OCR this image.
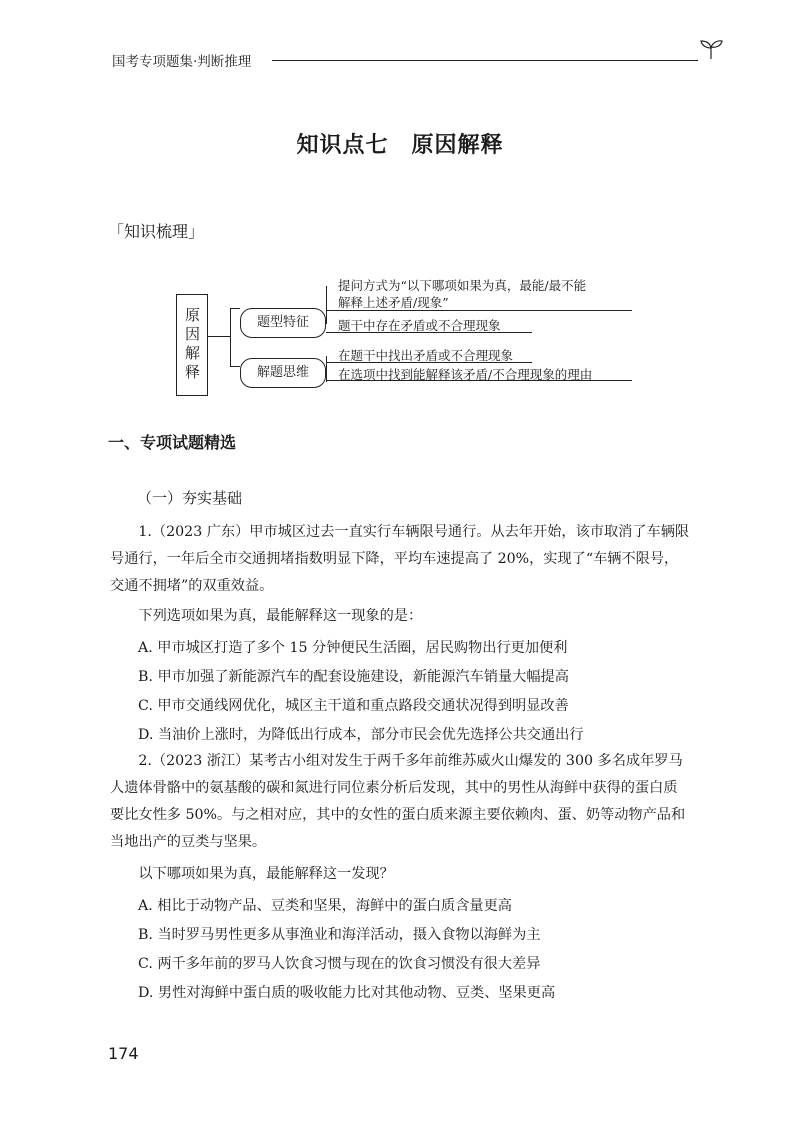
国考专项题集·判断推理
知识点七　原因解释
「知识梳理」
原因解释	题型特征
解题思维
提问方式为“以下哪项如果为真，最能/最不能
解释上述矛盾/现象”
题干中存在矛盾或不合理现象
在题干中找出矛盾或不合理现象
在选项中找到能解释该矛盾/不合理现象的理由
一、专项试题精选
（一）夯实基础
1.（2023 广东）甲市城区过去一直实行车辆限号通行。从去年开始，该市取消了车辆限号通行，一年后全市交通拥堵指数明显下降，平均车速提高了 20%，实现了“车辆不限号，交通不拥堵”的双重效益。
下列选项如果为真，最能解释这一现象的是：
A. 甲市城区打造了多个 15 分钟便民生活圈，居民购物出行更加便利
B. 甲市加强了新能源汽车的配套设施建设，新能源汽车销量大幅提高
C. 甲市交通线网优化，城区主干道和重点路段交通状况得到明显改善
D. 当油价上涨时，为降低出行成本，部分市民会优先选择公共交通出行
2.（2023 浙江）某考古小组对发生于两千多年前维苏威火山爆发的 300 多名成年罗马人遗体骨骼中的氨基酸的碳和氮进行同位素分析后发现，其中的男性从海鲜中获得的蛋白质要比女性多 50%。与之相对应，其中的女性的蛋白质来源主要依赖肉、蛋、奶等动物产品和当地出产的豆类与坚果。
以下哪项如果为真，最能解释这一发现？
A. 相比于动物产品、豆类和坚果，海鲜中的蛋白质含量更高
B. 当时罗马男性更多从事渔业和海洋活动，摄入食物以海鲜为主
C. 两千多年前的罗马人饮食习惯与现在的饮食习惯没有很大差异
D. 男性对海鲜中蛋白质的吸收能力比对其他动物、豆类、坚果更高
174
